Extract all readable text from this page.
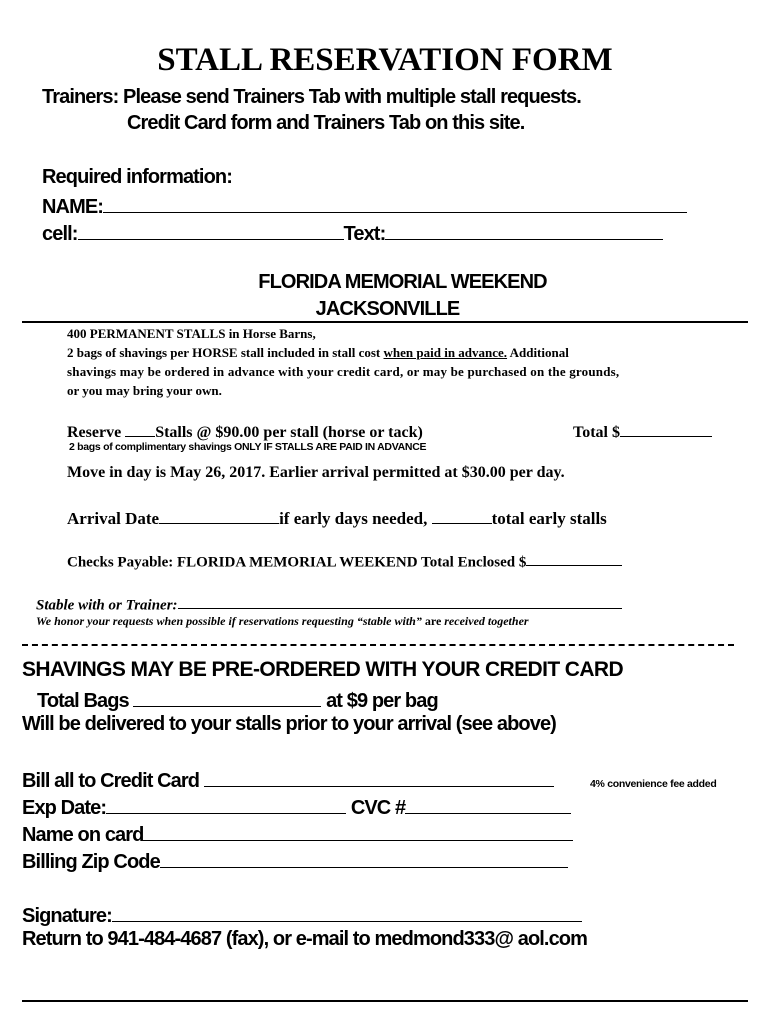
STALL RESERVATION FORM
Trainers: Please send Trainers Tab with multiple stall requests.
Credit Card form and Trainers Tab on this site.
Required information:
NAME:
cell:	Text:
FLORIDA MEMORIAL WEEKEND
JACKSONVILLE
400 PERMANENT STALLS in Horse Barns,
2 bags of shavings per HORSE stall included in stall cost when paid in advance. Additional
shavings may be ordered in advance with your credit card, or may be purchased on the grounds,
or you may bring your own.
Reserve Stalls @ $90.00 per stall (horse or tack)	Total $
2 bags of complimentary shavings ONLY IF STALLS ARE PAID IN ADVANCE
Move in day is May 26, 2017. Earlier arrival permitted at $30.00 per day.
Arrival Date	if early days needed,	total early stalls
Checks Payable: FLORIDA MEMORIAL WEEKEND Total Enclosed $
Stable with or Trainer:
We honor your requests when possible if reservations requesting “stable with” are received together
SHAVINGS MAY BE PRE-ORDERED WITH YOUR CREDIT CARD
Total Bags	at $9 per bag
Will be delivered to your stalls prior to your arrival (see above)
Bill all to Credit Card	4% convenience fee added
Exp Date:	CVC #
Name on card
Billing Zip Code
Signature:
Return to 941-484-4687 (fax), or e-mail to medmond333@ aol.com
